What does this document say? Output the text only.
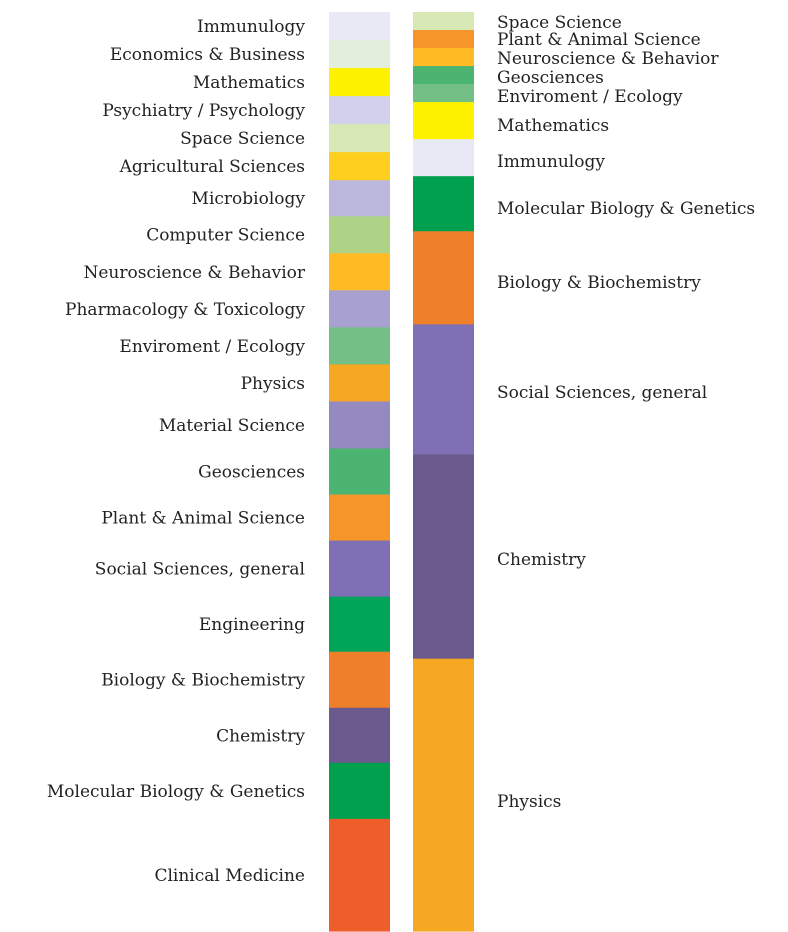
Immunulogy
Economics & Business
Mathematics
Psychiatry / Psychology
Space Science
Agricultural Sciences
Microbiology
Computer Science
Neuroscience & Behavior
Pharmacology & Toxicology
Enviroment / Ecology
Physics
Material Science
Geosciences
Plant & Animal Science
Social Sciences, general
Engineering
Biology & Biochemistry
Chemistry
Molecular Biology & Genetics
Clinical Medicine
Space Science
Plant & Animal Science
Neuroscience & Behavior
Geosciences
Enviroment / Ecology
Mathematics
Immunulogy
Molecular Biology & Genetics
Biology & Biochemistry
Social Sciences, general
Chemistry
Physics
